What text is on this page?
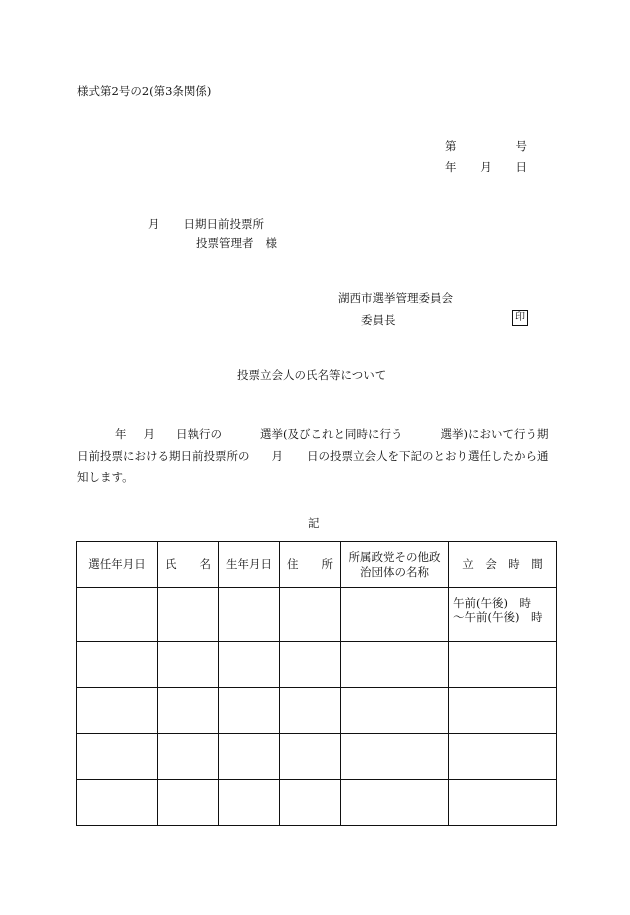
様式第2号の2(第3条関係)
第	号
年 月 日
月 日期日前投票所
投票管理者 様
湖西市選挙管理委員会
委員長	印
投票立会人の氏名等について
年 月 日執行の	選挙(及びこれと同時に行う	選挙)において行う期日前投票における期日前投票所の 月 日の投票立会人を下記のとおり選任したから通知します。
記
選任年月日	氏　　名	生年月日	住　　所	所属政党その他政治団体の名称	立　会　時　間

					午前(午後)　時
～午前(午後)　時
